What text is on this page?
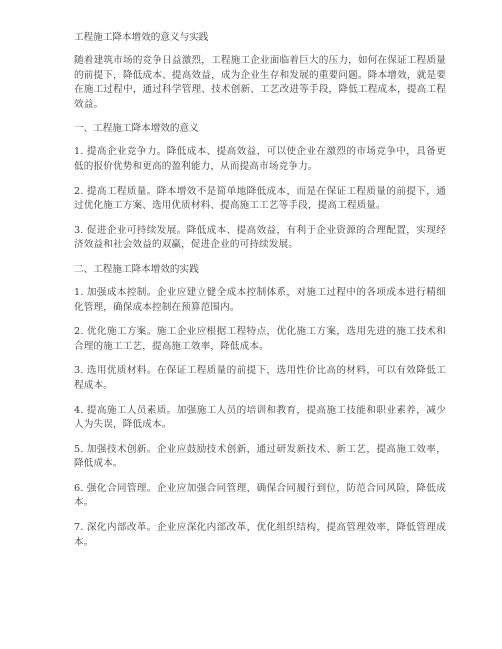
工程施工降本增效的意义与实践
随着建筑市场的竞争日益激烈，工程施工企业面临着巨大的压力，如何在保证工程质量的前提下，降低成本、提高效益，成为企业生存和发展的重要问题。降本增效，就是要在施工过程中，通过科学管理、技术创新、工艺改进等手段，降低工程成本，提高工程效益。
一、工程施工降本增效的意义
1. 提高企业竞争力。降低成本、提高效益，可以使企业在激烈的市场竞争中，具备更低的报价优势和更高的盈利能力，从而提高市场竞争力。
2. 提高工程质量。降本增效不是简单地降低成本，而是在保证工程质量的前提下，通过优化施工方案、选用优质材料、提高施工工艺等手段，提高工程质量。
3. 促进企业可持续发展。降低成本、提高效益，有利于企业资源的合理配置，实现经济效益和社会效益的双赢，促进企业的可持续发展。
二、工程施工降本增效的实践
1. 加强成本控制。企业应建立健全成本控制体系，对施工过程中的各项成本进行精细化管理，确保成本控制在预算范围内。
2. 优化施工方案。施工企业应根据工程特点，优化施工方案，选用先进的施工技术和合理的施工工艺，提高施工效率，降低成本。
3. 选用优质材料。在保证工程质量的前提下，选用性价比高的材料，可以有效降低工程成本。
4. 提高施工人员素质。加强施工人员的培训和教育，提高施工技能和职业素养，减少人为失误，降低成本。
5. 加强技术创新。企业应鼓励技术创新，通过研发新技术、新工艺，提高施工效率，降低成本。
6. 强化合同管理。企业应加强合同管理，确保合同履行到位，防范合同风险，降低成本。
7. 深化内部改革。企业应深化内部改革，优化组织结构，提高管理效率，降低管理成本。
